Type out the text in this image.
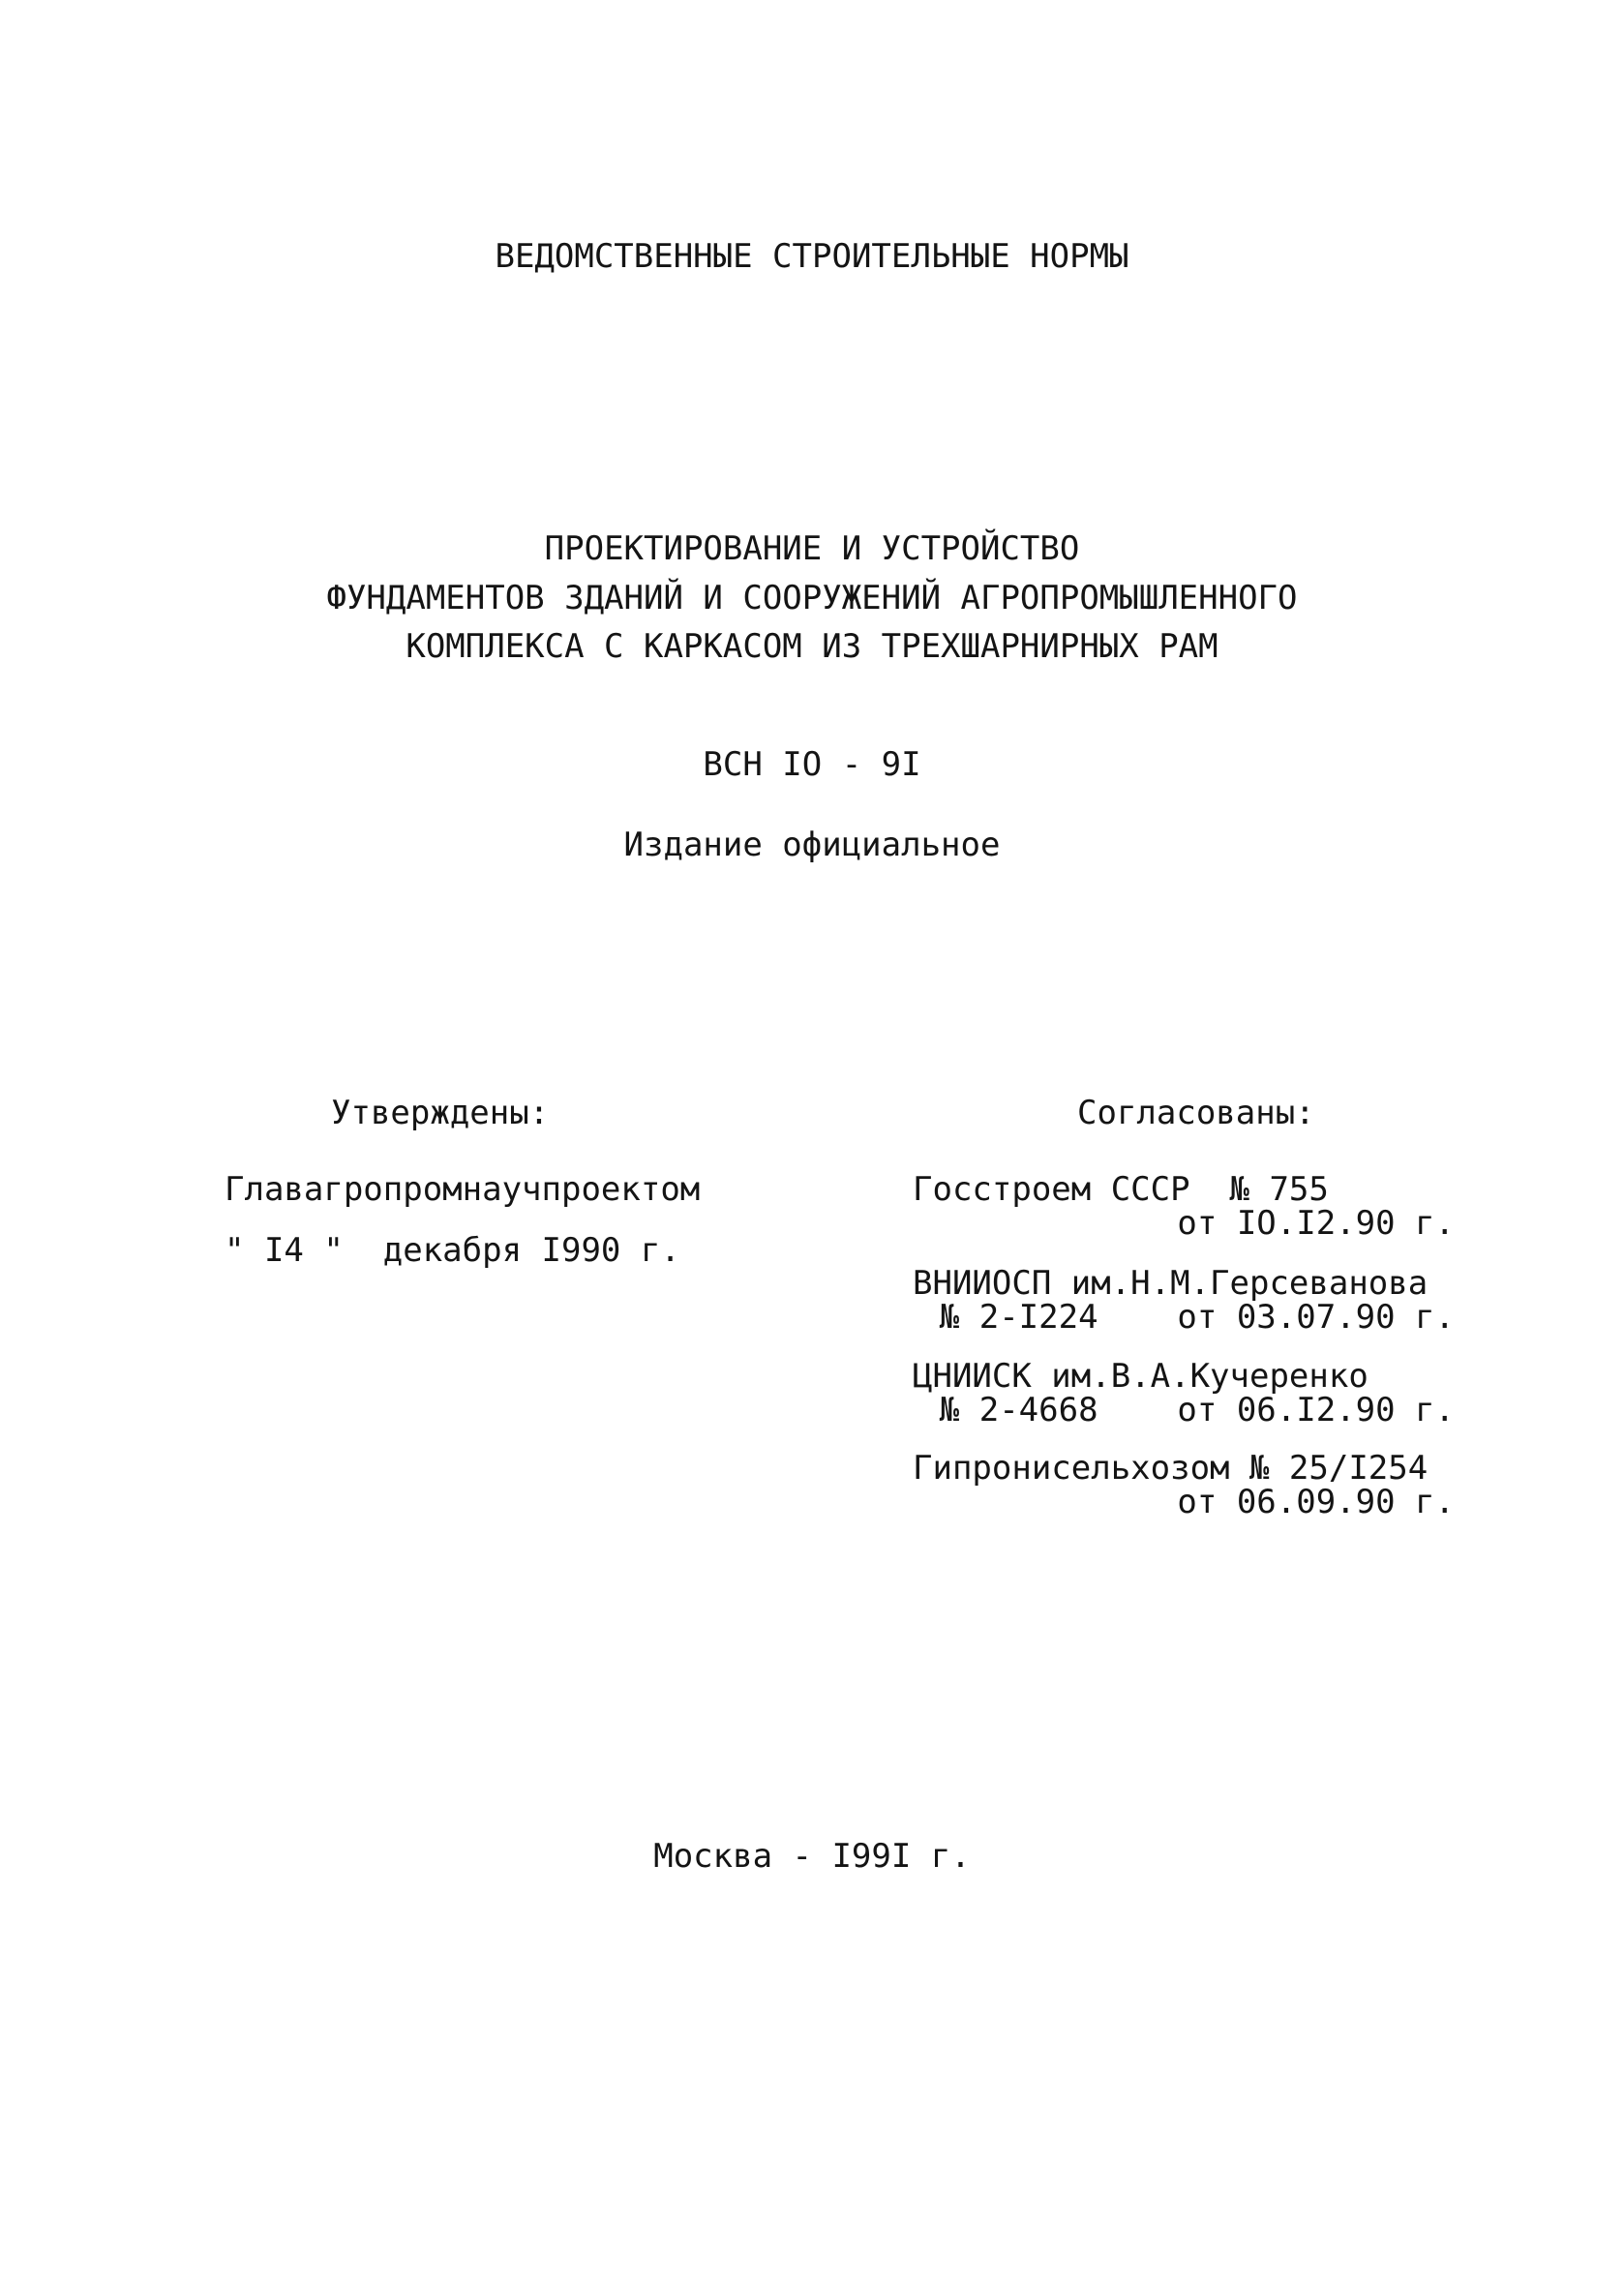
ВЕДОМСТВЕННЫЕ СТРОИТЕЛЬНЫЕ НОРМЫ
ПРОЕКТИРОВАНИЕ И УСТРОЙСТВО
ФУНДАМЕНТОВ ЗДАНИЙ И СООРУЖЕНИЙ АГРОПРОМЫШЛЕННОГО
КОМПЛЕКСА С КАРКАСОМ ИЗ ТРЕХШАРНИРНЫХ РАМ
ВСН IO - 9I
Издание официальное
Утверждены:
Главагропромнаучпроектом
" I4 "  декабря I990 г.
Согласованы:
Госстроем СССР  № 755
от IO.I2.90 г.
ВНИИОСП им.Н.М.Герсеванова
№ 2-I224    от 03.07.90 г.
ЦНИИСК им.В.А.Кучеренко
№ 2-4668    от 06.I2.90 г.
Гипронисельхозом № 25/I254
от 06.09.90 г.
Москва - I99I г.
